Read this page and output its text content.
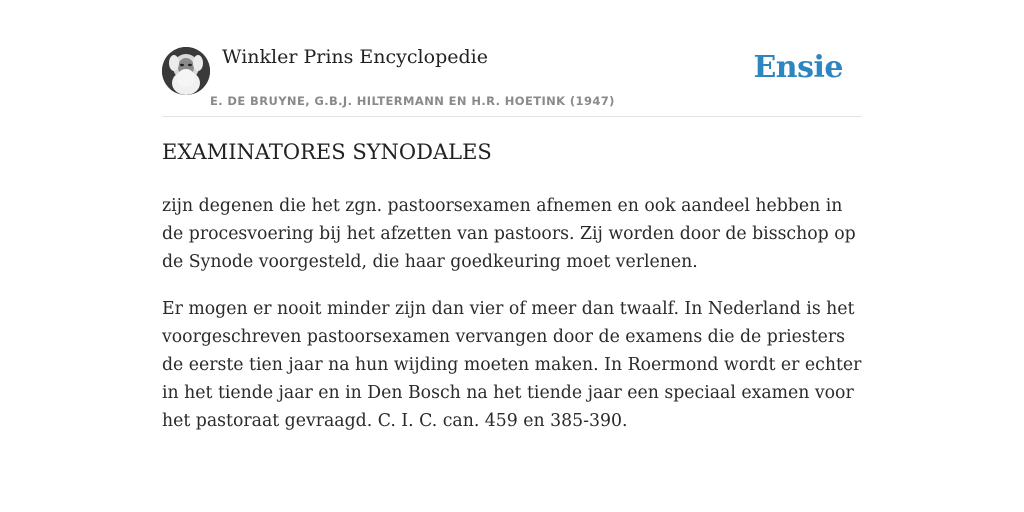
Winkler Prins Encyclopedie
E. DE BRUYNE, G.B.J. HILTERMANN EN H.R. HOETINK (1947)
Ensie
EXAMINATORES SYNODALES

zijn degenen die het zgn. pastoorsexamen afnemen en ook aandeel hebben in de procesvoering bij het afzetten van pastoors. Zij worden door de bisschop op de Synode voorgesteld, die haar goedkeuring moet verlenen.

Er mogen er nooit minder zijn dan vier of meer dan twaalf. In Nederland is het voorgeschreven pastoorsexamen vervangen door de examens die de priesters de eerste tien jaar na hun wijding moeten maken. In Roermond wordt er echter in het tiende jaar en in Den Bosch na het tiende jaar een speciaal examen voor het pastoraat gevraagd. C. I. C. can. 459 en 385-390.
